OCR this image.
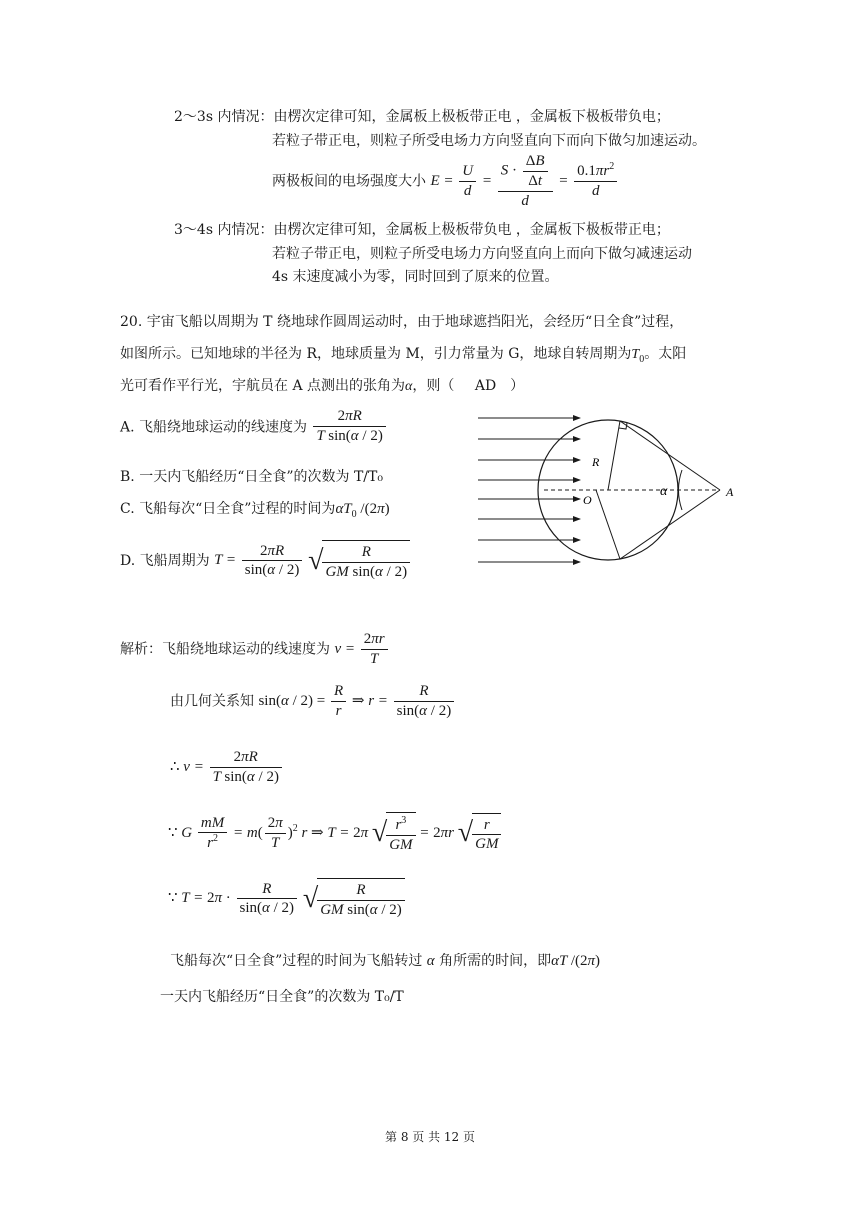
2～3s 内情况：由楞次定律可知，金属板上极板带正电 ，金属板下极板带负电；
若粒子带正电，则粒子所受电场力方向竖直向下而向下做匀加速运动。
两极板间的电场强度大小 $E = \frac{U}{d} = \frac{S \cdot \frac{\Delta B}{\Delta t}}{d} = \frac{0.1\pi r^2}{d}$
3～4s 内情况：由楞次定律可知，金属板上极板带负电 ，金属板下极板带正电；
若粒子带正电，则粒子所受电场力方向竖直向上而向下做匀减速运动
4s 末速度减小为零，同时回到了原来的位置。
20. 宇宙飞船以周期为 T 绕地球作圆周运动时，由于地球遮挡阳光，会经历“日全食”过程，
如图所示。已知地球的半径为 R，地球质量为 M，引力常量为 G，地球自转周期为$T_0$。太阳
光可看作平行光，宇航员在 A 点测出的张角为α，则（ AD ）
A. 飞船绕地球运动的线速度为 $\frac{2\pi R}{\text{T sin(α / 2)}}$
B. 一天内飞船经历“日全食”的次数为 T/T₀
C. 飞船每次“日全食”过程的时间为$\alpha T_0$ /(2π)
D. 飞船周期为 $T = \frac{2\pi R}{\sin(\alpha / 2)}$ √ $\frac{R}{\text{GM sin(α / 2)}}$
R
O
α	A
解析：飞船绕地球运动的线速度为 $v = \frac{2\pi r}{T}$
由几何关系知 $\sin(\alpha / 2) = \frac{R}{r}$ ⇒ $r = \frac{R}{\sin(\alpha / 2)}$
∴ $v = \frac{2\pi R}{\text{T sin(α / 2)}}$
∵ G $\frac{mM}{r^2} = m( \frac{2\pi}{T} )^2$ r ⇒ T = 2π √ $\frac{r^3}{GM} = 2\pi r$ √ $\frac{r}{GM}$
∵ $T = 2\pi \cdot \frac{R}{\sin(\alpha / 2)}$ √ $\frac{R}{\text{GM sin(α / 2)}}$
飞船每次“日全食”过程的时间为飞船转过 α 角所需的时间，即αT /(2π)
一天内飞船经历“日全食”的次数为 T₀/T
第 8 页 共 12 页
